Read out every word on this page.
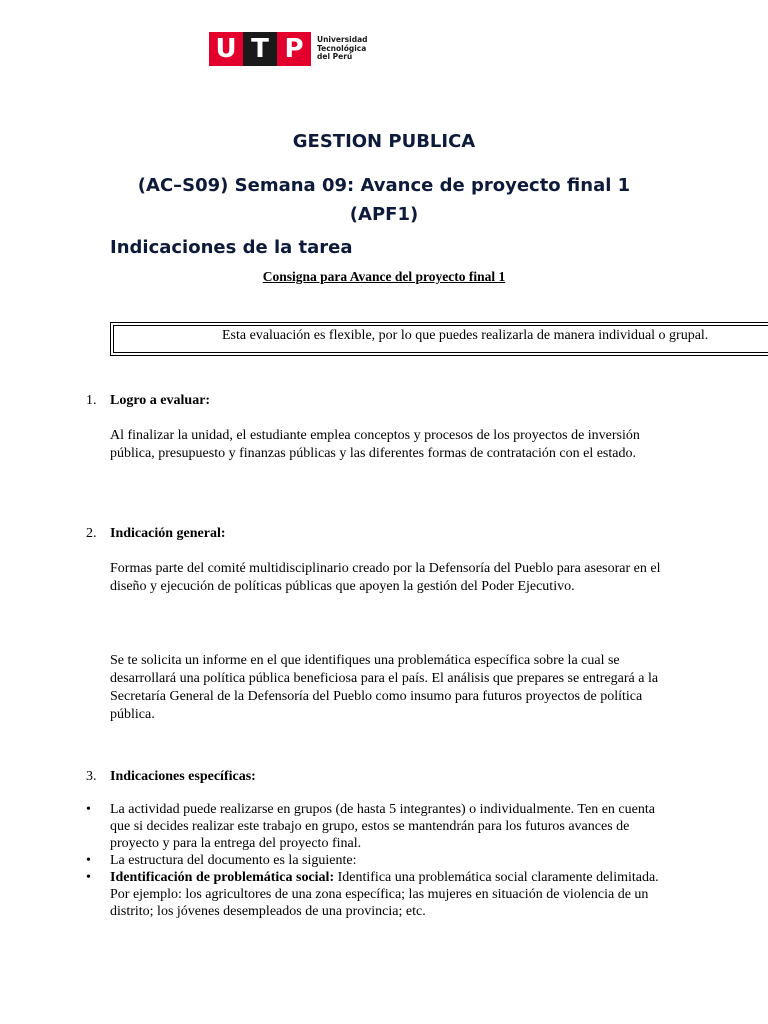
U T P	Universidad
Tecnológica
del Perú
GESTION PUBLICA
(AC–S09) Semana 09: Avance de proyecto final 1
(APF1)
Indicaciones de la tarea
Consigna para Avance del proyecto final 1
Esta evaluación es flexible, por lo que puedes realizarla de manera individual o grupal.
1. Logro a evaluar:
Al finalizar la unidad, el estudiante emplea conceptos y procesos de los proyectos de inversión pública, presupuesto y finanzas públicas y las diferentes formas de contratación con el estado.
2. Indicación general:
Formas parte del comité multidisciplinario creado por la Defensoría del Pueblo para asesorar en el diseño y ejecución de políticas públicas que apoyen la gestión del Poder Ejecutivo.
Se te solicita un informe en el que identifiques una problemática específica sobre la cual se desarrollará una política pública beneficiosa para el país. El análisis que prepares se entregará a la Secretaría General de la Defensoría del Pueblo como insumo para futuros proyectos de política pública.
3. Indicaciones específicas:
• La actividad puede realizarse en grupos (de hasta 5 integrantes) o individualmente. Ten en cuenta que si decides realizar este trabajo en grupo, estos se mantendrán para los futuros avances de proyecto y para la entrega del proyecto final.
• La estructura del documento es la siguiente:
• Identificación de problemática social: Identifica una problemática social claramente delimitada. Por ejemplo: los agricultores de una zona específica; las mujeres en situación de violencia de un distrito; los jóvenes desempleados de una provincia; etc.
